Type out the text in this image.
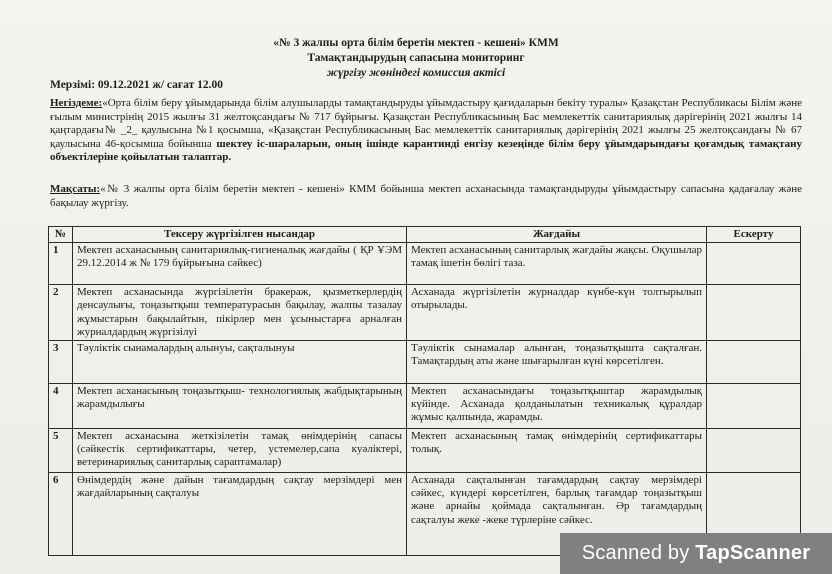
«№ 3 жалпы орта білім беретін мектеп - кешені» КММ
Тамақтандырудың сапасына мониторинг
жүргізу жөніндегі комиссия актісі
Мерзімі: 09.12.2021 ж/ сағат 12.00
Негіздеме:«Орта білім беру ұйымдарында білім алушыларды тамақтандыруды ұйымдастыру қағидаларын бекіту туралы» Қазақстан Республикасы Білім және ғылым министрінің 2015 жылғы 31 желтоқсандағы № 717 бұйрығы. Қазақстан Республикасының Бас мемлекеттік санитариялық дәрігерінің 2021 жылғы 14 қаңтардағы№ _2_ қаулысына №1 қосымша, «Қазақстан Республикасының Бас мемлекеттік санитариялық дәрігерінің 2021 жылғы 25 желтоқсандағы № 67 қаулысына 46-қосымша бойынша шектеу іс-шараларын, оның ішінде карантинді енгізу кезеңінде білім беру ұйымдарындағы қоғамдық тамақтану объектілеріне қойылатын талаптар.
Мақсаты:«№ 3 жалпы орта білім беретін мектеп - кешені» КММ бойынша мектеп асханасында тамақтандыруды ұйымдастыру сапасына қадағалау және бақылау жүргізу.
№	Тексеру жүргізілген нысандар	Жағдайы	Ескерту
1	Мектеп асханасының санитариялық-гигиеналық жағдайы ( ҚР ҰЭМ 29.12.2014 ж № 179 бұйрығына сәйкес)	Мектеп асханасының санитарлық жағдайы жақсы. Оқушылар тамақ ішетін бөлігі таза.	
2	Мектеп асханасында жүргізілетін бракераж, қызметкерлердің денсаулығы, тоңазытқыш температурасын бақылау, жалпы тазалау жұмыстарын бақылайтын, пікірлер мен ұсыныстарға арналған журналдардың жүргізілуі	Асханада жүргізілетін журналдар күнбе-күн толтырылып отырылады.	
3	Тәуліктік сынамалардың алынуы, сақталынуы	Тәуліктік сынамалар алынған, тоңазытқышта сақталған. Тамақтардың аты және шығарылған күні көрсетілген.	
4	Мектеп асханасының тоңазытқыш- технологиялық жабдықтарының жарамдылығы	Мектеп асханасындағы тоңазытқыштар жарамдылық күйінде. Асханада қолданылатын техникалық құралдар жұмыс қалпында, жарамды.	
5	Мектеп асханасына жеткізілетін тамақ өнімдерінің сапасы (сәйкестік сертификаттары, четер, устемелер,сапа куәліктері, ветеринариялық санитарлық сараптамалар)	Мектеп асханасының тамақ өнімдерінің сертификаттары толық.	
6	Өнімдердің және дайын тағамдардың сақтау мерзімдері мен жағдайларының сақталуы	Асханада сақталынған тағамдардың сақтау мерзімдері сәйкес, күндері көрсетілген, барлық тағамдар тоңазытқыш және арнайы қоймада сақталынған. Әр тағамдардың сақталуы жеке -жеке түрлеріне сәйкес.	
Scanned by TapScanner
